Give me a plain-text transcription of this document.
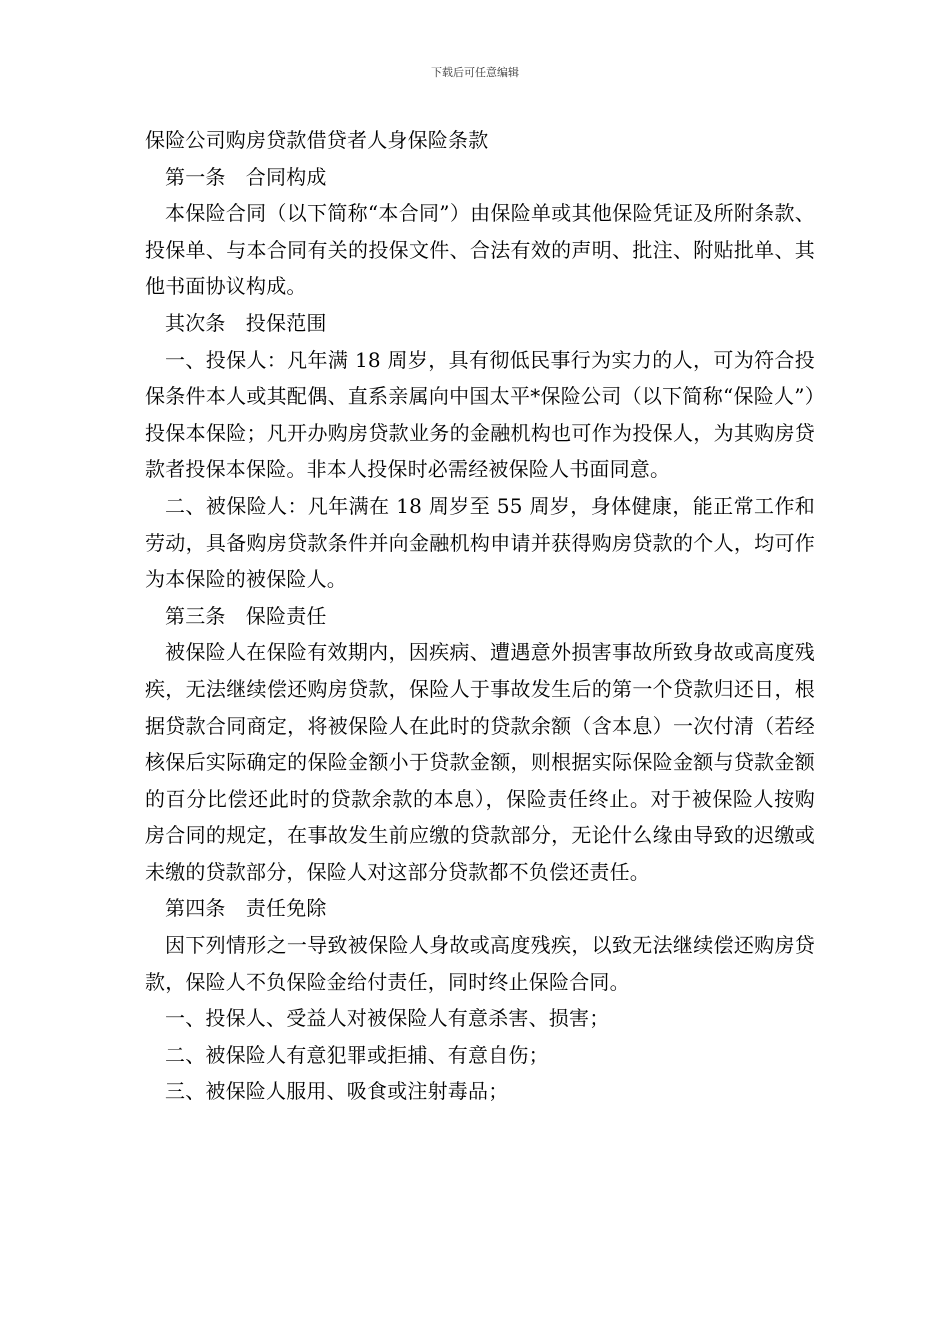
下载后可任意编辑

保险公司购房贷款借贷者人身保险条款

第一条　合同构成

本保险合同（以下简称“本合同”）由保险单或其他保险凭证及所附条款、投保单、与本合同有关的投保文件、合法有效的声明、批注、附贴批单、其他书面协议构成。

其次条　投保范围

一、投保人：凡年满 18 周岁，具有彻低民事行为实力的人，可为符合投保条件本人或其配偶、直系亲属向中国太平*保险公司（以下简称“保险人”）投保本保险；凡开办购房贷款业务的金融机构也可作为投保人，为其购房贷款者投保本保险。非本人投保时必需经被保险人书面同意。

二、被保险人：凡年满在 18 周岁至 55 周岁，身体健康，能正常工作和劳动，具备购房贷款条件并向金融机构申请并获得购房贷款的个人，均可作为本保险的被保险人。

第三条　保险责任

被保险人在保险有效期内，因疾病、遭遇意外损害事故所致身故或高度残疾，无法继续偿还购房贷款，保险人于事故发生后的第一个贷款归还日，根据贷款合同商定，将被保险人在此时的贷款余额（含本息）一次付清（若经核保后实际确定的保险金额小于贷款金额，则根据实际保险金额与贷款金额的百分比偿还此时的贷款余款的本息），保险责任终止。对于被保险人按购房合同的规定，在事故发生前应缴的贷款部分，无论什么缘由导致的迟缴或未缴的贷款部分，保险人对这部分贷款都不负偿还责任。

第四条　责任免除

因下列情形之一导致被保险人身故或高度残疾，以致无法继续偿还购房贷款，保险人不负保险金给付责任，同时终止保险合同。

一、投保人、受益人对被保险人有意杀害、损害；

二、被保险人有意犯罪或拒捕、有意自伤；

三、被保险人服用、吸食或注射毒品；
